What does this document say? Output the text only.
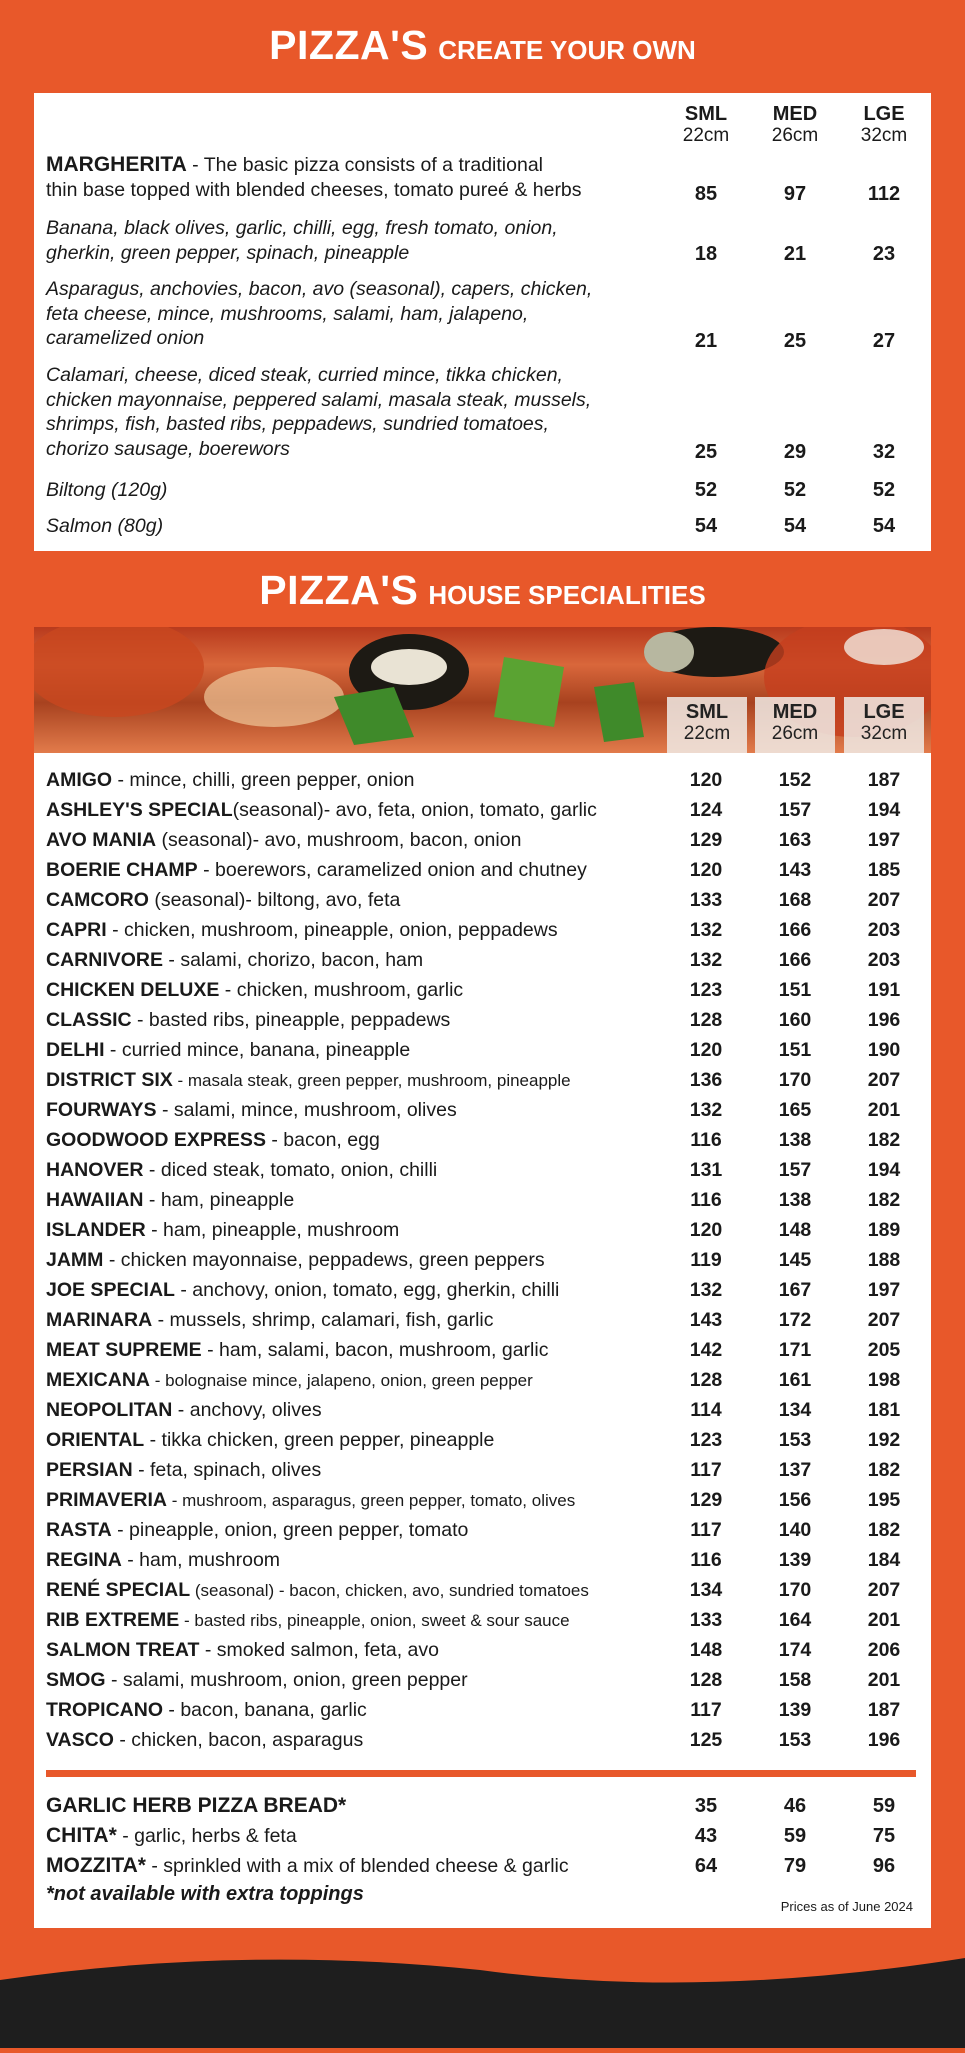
PIZZA'S CREATE YOUR OWN
SML
22cm
MED
26cm
LGE
32cm
MARGHERITA - The basic pizza consists of a traditional
thin base topped with blended cheeses, tomato pureé & herbs	85	97	112
Banana, black olives, garlic, chilli, egg, fresh tomato, onion,
gherkin, green pepper, spinach, pineapple	18	21	23
Asparagus, anchovies, bacon, avo (seasonal), capers, chicken,
feta cheese, mince, mushrooms, salami, ham, jalapeno,
caramelized onion	21	25	27
Calamari, cheese, diced steak, curried mince, tikka chicken,
chicken mayonnaise, peppered salami, masala steak, mussels,
shrimps, fish, basted ribs, peppadews, sundried tomatoes,
chorizo sausage, boerewors	25	29	32
Biltong (120g)	52	52	52
Salmon (80g)	54	54	54
PIZZA'S HOUSE SPECIALITIES
SML
22cm
MED
26cm
LGE
32cm
AMIGO - mince, chilli, green pepper, onion	120	152	187
ASHLEY'S SPECIAL(seasonal)- avo, feta, onion, tomato, garlic	124	157	194
AVO MANIA (seasonal)- avo, mushroom, bacon, onion	129	163	197
BOERIE CHAMP - boerewors, caramelized onion and chutney	120	143	185
CAMCORO (seasonal)- biltong, avo, feta	133	168	207
CAPRI - chicken, mushroom, pineapple, onion, peppadews	132	166	203
CARNIVORE - salami, chorizo, bacon, ham	132	166	203
CHICKEN DELUXE - chicken, mushroom, garlic	123	151	191
CLASSIC - basted ribs, pineapple, peppadews	128	160	196
DELHI - curried mince, banana, pineapple	120	151	190
DISTRICT SIX - masala steak, green pepper, mushroom, pineapple	136	170	207
FOURWAYS - salami, mince, mushroom, olives	132	165	201
GOODWOOD EXPRESS - bacon, egg	116	138	182
HANOVER - diced steak, tomato, onion, chilli	131	157	194
HAWAIIAN - ham, pineapple	116	138	182
ISLANDER - ham, pineapple, mushroom	120	148	189
JAMM - chicken mayonnaise, peppadews, green peppers	119	145	188
JOE SPECIAL - anchovy, onion, tomato, egg, gherkin, chilli	132	167	197
MARINARA - mussels, shrimp, calamari, fish, garlic	143	172	207
MEAT SUPREME - ham, salami, bacon, mushroom, garlic	142	171	205
MEXICANA - bolognaise mince, jalapeno, onion, green pepper	128	161	198
NEOPOLITAN - anchovy, olives	114	134	181
ORIENTAL - tikka chicken, green pepper, pineapple	123	153	192
PERSIAN - feta, spinach, olives	117	137	182
PRIMAVERIA - mushroom, asparagus, green pepper, tomato, olives	129	156	195
RASTA - pineapple, onion, green pepper, tomato	117	140	182
REGINA - ham, mushroom	116	139	184
RENÉ SPECIAL (seasonal) - bacon, chicken, avo, sundried tomatoes	134	170	207
RIB EXTREME - basted ribs, pineapple, onion, sweet & sour sauce	133	164	201
SALMON TREAT - smoked salmon, feta, avo	148	174	206
SMOG - salami, mushroom, onion, green pepper	128	158	201
TROPICANO - bacon, banana, garlic	117	139	187
VASCO - chicken, bacon, asparagus	125	153	196
GARLIC HERB PIZZA BREAD*	35	46	59
CHITA* - garlic, herbs & feta	43	59	75
MOZZITA* - sprinkled with a mix of blended cheese & garlic	64	79	96
*not available with extra toppings
Prices as of June 2024
